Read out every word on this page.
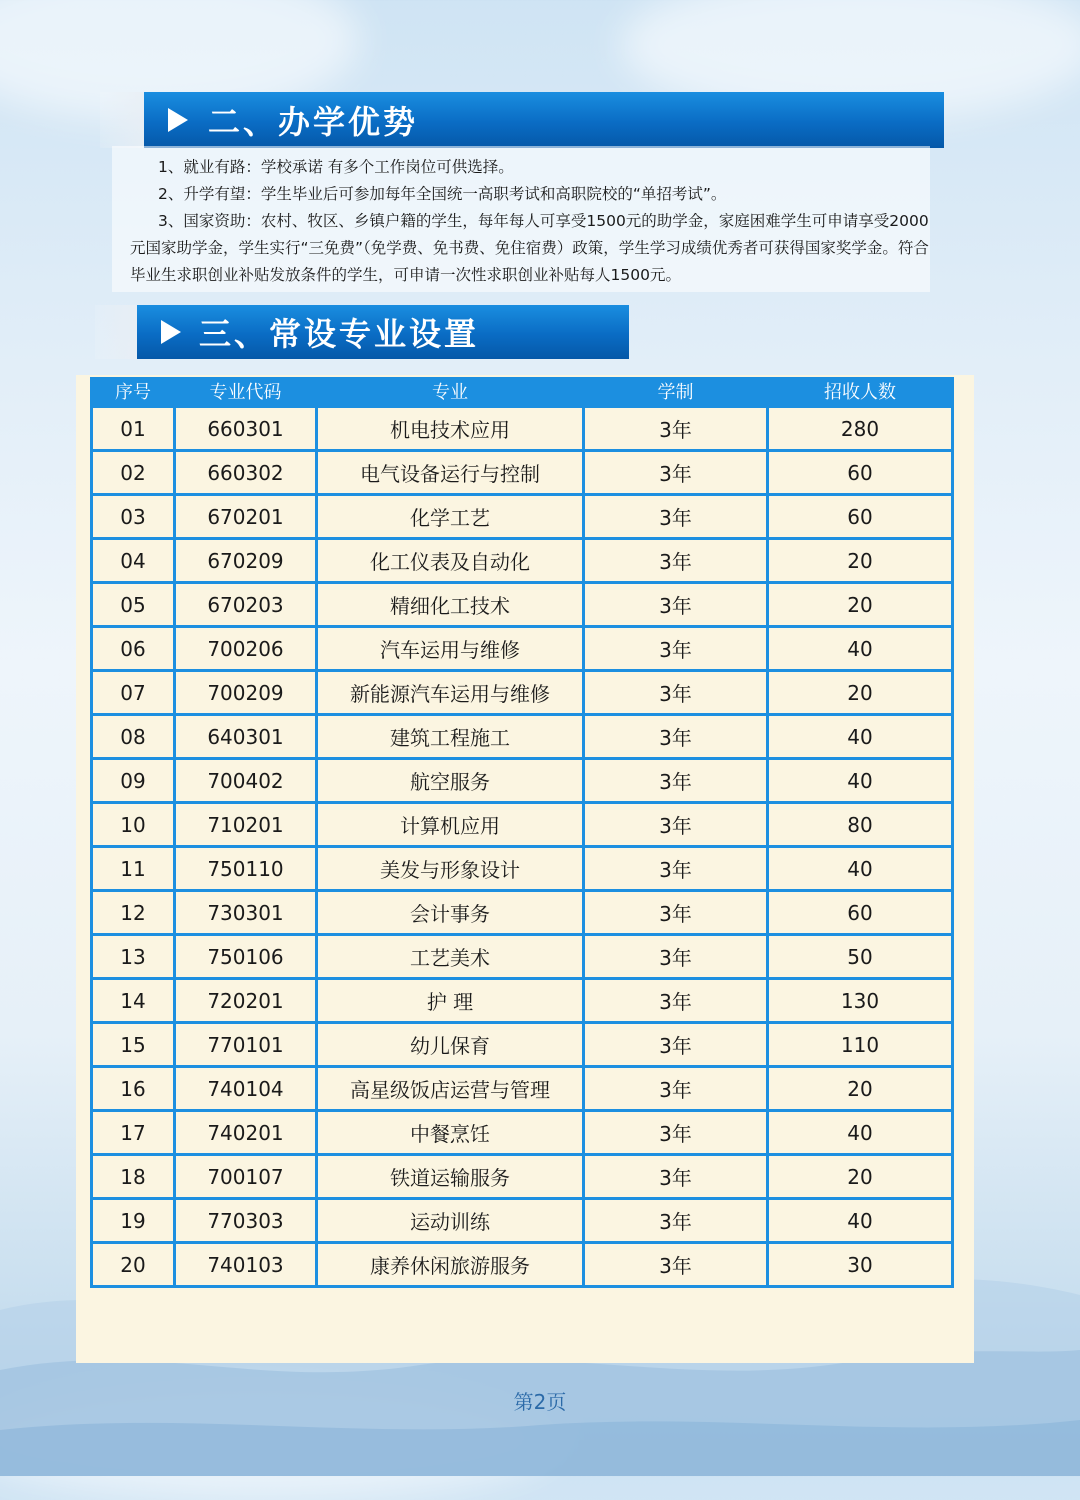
二、办学优势

1、就业有路：学校承诺 有多个工作岗位可供选择。

2、升学有望：学生毕业后可参加每年全国统一高职考试和高职院校的“单招考试”。

3、国家资助：农村、牧区、乡镇户籍的学生，每年每人可享受1500元的助学金，家庭困难学生可申请享受2000元国家助学金，学生实行“三免费”（免学费、免书费、免住宿费）政策，学生学习成绩优秀者可获得国家奖学金。符合毕业生求职创业补贴发放条件的学生，可申请一次性求职创业补贴每人1500元。

三、常设专业设置
序号	专业代码	专业	学制	招收人数
01	660301	机电技术应用	3年	280
02	660302	电气设备运行与控制	3年	60
03	670201	化学工艺	3年	60
04	670209	化工仪表及自动化	3年	20
05	670203	精细化工技术	3年	20
06	700206	汽车运用与维修	3年	40
07	700209	新能源汽车运用与维修	3年	20
08	640301	建筑工程施工	3年	40
09	700402	航空服务	3年	40
10	710201	计算机应用	3年	80
11	750110	美发与形象设计	3年	40
12	730301	会计事务	3年	60
13	750106	工艺美术	3年	50
14	720201	护 理	3年	130
15	770101	幼儿保育	3年	110
16	740104	高星级饭店运营与管理	3年	20
17	740201	中餐烹饪	3年	40
18	700107	铁道运输服务	3年	20
19	770303	运动训练	3年	40
20	740103	康养休闲旅游服务	3年	30
第2页
